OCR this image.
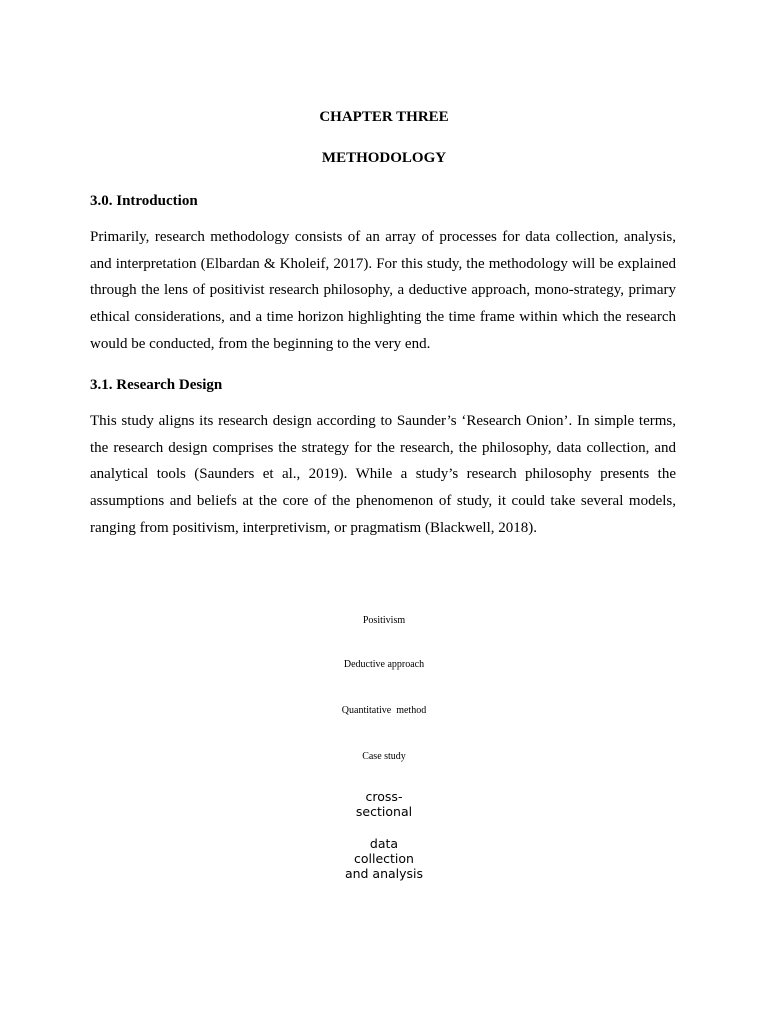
CHAPTER THREE
METHODOLOGY
3.0. Introduction

Primarily, research methodology consists of an array of processes for data collection, analysis, and interpretation (Elbardan & Kholeif, 2017). For this study, the methodology will be explained through the lens of positivist research philosophy, a deductive approach, mono-strategy, primary ethical considerations, and a time horizon highlighting the time frame within which the research would be conducted, from the beginning to the very end.

3.1. Research Design

This study aligns its research design according to Saunder’s ‘Research Onion’. In simple terms, the research design comprises the strategy for the research, the philosophy, data collection, and analytical tools (Saunders et al., 2019). While a study’s research philosophy presents the assumptions and beliefs at the core of the phenomenon of study, it could take several models, ranging from positivism, interpretivism, or pragmatism (Blackwell, 2018).

Positivism

Deductive approach

Quantitative  method

Case study

cross-
sectional

data
collection
and analysis
